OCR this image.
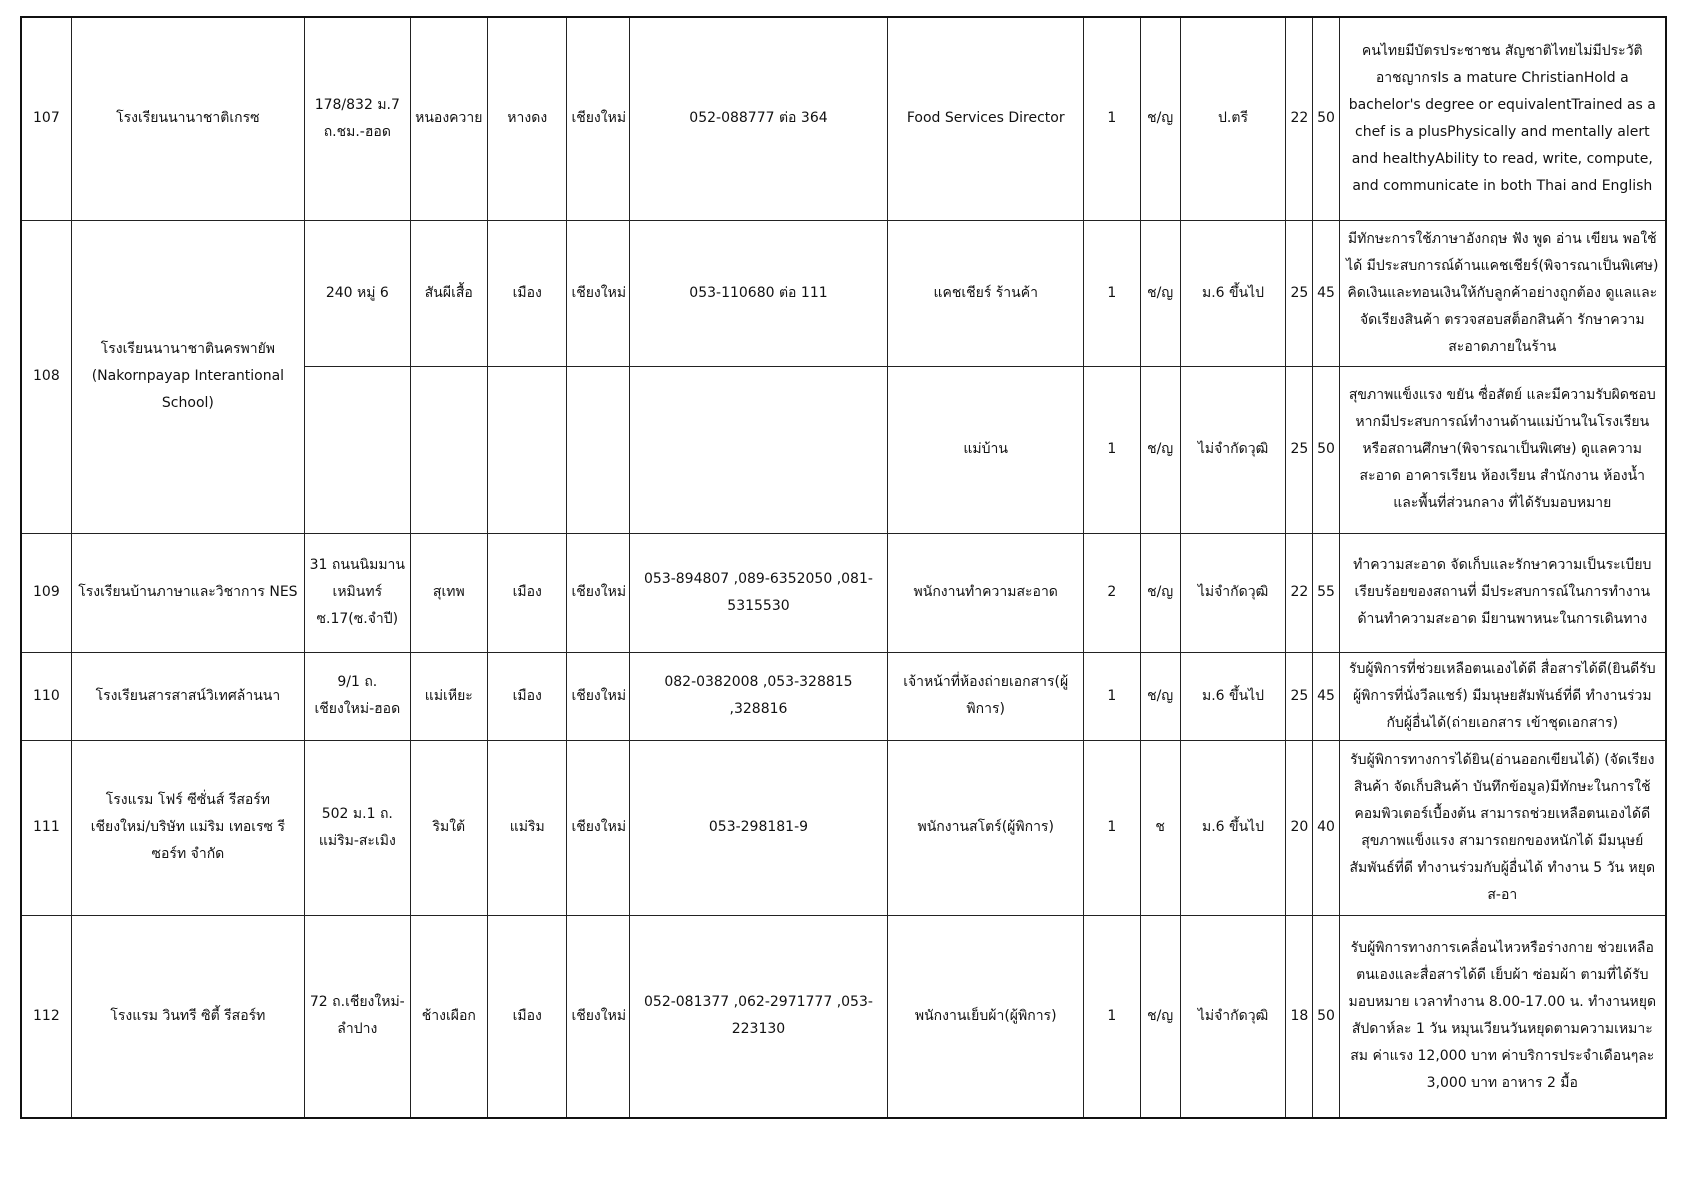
107	โรงเรียนนานาชาติเกรซ	178/832 ม.7 ถ.ชม.-ฮอด	หนองควาย	หางดง	เชียงใหม่	052-088777 ต่อ 364	Food Services Director	1	ช/ญ	ป.ตรี	22	50	คนไทยมีบัตรประชาชน สัญชาติไทยไม่มีประวัติอาชญากรIs a mature ChristianHold a bachelor's degree or equivalentTrained as a chef is a plusPhysically and mentally alert and healthyAbility to read, write, compute, and communicate in both Thai and English
108	โรงเรียนนานาชาตินครพายัพ (Nakornpayap Interantional School)	240 หมู่ 6	สันผีเสื้อ	เมือง	เชียงใหม่	053-110680 ต่อ 111	แคชเชียร์ ร้านค้า	1	ช/ญ	ม.6 ขึ้นไป	25	45	มีทักษะการใช้ภาษาอังกฤษ ฟัง พูด อ่าน เขียน พอใช้ได้ มีประสบการณ์ด้านแคชเชียร์(พิจารณาเป็นพิเศษ) คิดเงินและทอนเงินให้กับลูกค้าอย่างถูกต้อง ดูแลและจัดเรียงสินค้า ตรวจสอบสต็อกสินค้า รักษาความสะอาดภายในร้าน
							แม่บ้าน	1	ช/ญ	ไม่จำกัดวุฒิ	25	50	สุขภาพแข็งแรง ขยัน ซื่อสัตย์ และมีความรับผิดชอบ หากมีประสบการณ์ทำงานด้านแม่บ้านในโรงเรียนหรือสถานศึกษา(พิจารณาเป็นพิเศษ) ดูแลความสะอาด อาคารเรียน ห้องเรียน สำนักงาน ห้องน้ำ และพื้นที่ส่วนกลาง ที่ได้รับมอบหมาย
109	โรงเรียนบ้านภาษาและวิชาการ NES	31 ถนนนิมมานเหมินทร์ ซ.17(ซ.จำปี)	สุเทพ	เมือง	เชียงใหม่	053-894807 ,089-6352050 ,081-5315530	พนักงานทำความสะอาด	2	ช/ญ	ไม่จำกัดวุฒิ	22	55	ทำความสะอาด จัดเก็บและรักษาความเป็นระเบียบเรียบร้อยของสถานที่ มีประสบการณ์ในการทำงานด้านทำความสะอาด มียานพาหนะในการเดินทาง
110	โรงเรียนสารสาสน์วิเทศล้านนา	9/1 ถ. เชียงใหม่-ฮอด	แม่เหียะ	เมือง	เชียงใหม่	082-0382008 ,053-328815 ,328816	เจ้าหน้าที่ห้องถ่ายเอกสาร(ผู้พิการ)	1	ช/ญ	ม.6 ขึ้นไป	25	45	รับผู้พิการที่ช่วยเหลือตนเองได้ดี สื่อสารได้ดี(ยินดีรับผู้พิการที่นั่งวีลแชร์) มีมนุษยสัมพันธ์ที่ดี ทำงานร่วมกับผู้อื่นได้(ถ่ายเอกสาร เข้าชุดเอกสาร)
111	โรงแรม โฟร์ ซีซั่นส์ รีสอร์ท เชียงใหม่/บริษัท แม่ริม เทอเรซ รีซอร์ท จำกัด	502 ม.1 ถ. แม่ริม-สะเมิง	ริมใต้	แม่ริม	เชียงใหม่	053-298181-9	พนักงานสโตร์(ผู้พิการ)	1	ช	ม.6 ขึ้นไป	20	40	รับผู้พิการทางการได้ยิน(อ่านออกเขียนได้) (จัดเรียงสินค้า จัดเก็บสินค้า บันทึกข้อมูล)มีทักษะในการใช้คอมพิวเตอร์เบื้องต้น สามารถช่วยเหลือตนเองได้ดี สุขภาพแข็งแรง สามารถยกของหนักได้ มีมนุษย์สัมพันธ์ที่ดี ทำงานร่วมกับผู้อื่นได้ ทำงาน 5 วัน หยุด ส-อา
112	โรงแรม วินทรี ซิตี้ รีสอร์ท	72 ถ.เชียงใหม่-ลำปาง	ช้างเผือก	เมือง	เชียงใหม่	052-081377 ,062-2971777 ,053-223130	พนักงานเย็บผ้า(ผู้พิการ)	1	ช/ญ	ไม่จำกัดวุฒิ	18	50	รับผู้พิการทางการเคลื่อนไหวหรือร่างกาย ช่วยเหลือตนเองและสื่อสารได้ดี เย็บผ้า ซ่อมผ้า ตามที่ได้รับมอบหมาย เวลาทำงาน 8.00-17.00 น. ทำงานหยุดสัปดาห์ละ 1 วัน หมุนเวียนวันหยุดตามความเหมาะสม ค่าแรง 12,000 บาท ค่าบริการประจำเดือนๆละ 3,000 บาท อาหาร 2 มื้อ
